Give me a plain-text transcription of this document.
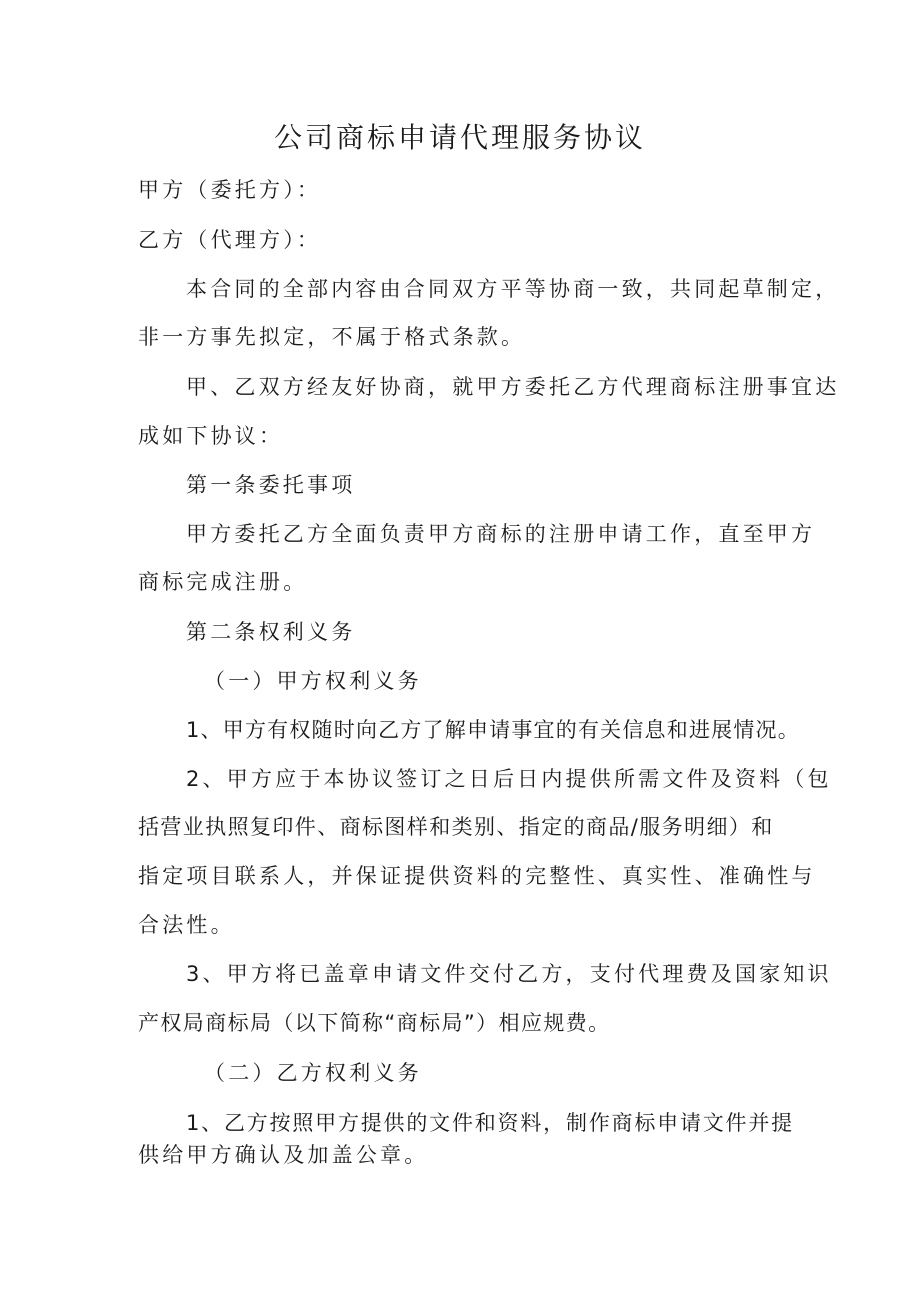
公司商标申请代理服务协议
甲方（委托方）：
乙方（代理方）：
本合同的全部内容由合同双方平等协商一致，共同起草制定，
非一方事先拟定，不属于格式条款。
甲、乙双方经友好协商，就甲方委托乙方代理商标注册事宜达
成如下协议：
第一条委托事项
甲方委托乙方全面负责甲方商标的注册申请工作，直至甲方
商标完成注册。
第二条权利义务
（一）甲方权利义务
1、甲方有权随时向乙方了解申请事宜的有关信息和进展情况。
2、甲方应于本协议签订之日后日内提供所需文件及资料（包
括营业执照复印件、商标图样和类别、指定的商品/服务明细）和
指定项目联系人，并保证提供资料的完整性、真实性、准确性与
合法性。
3、甲方将已盖章申请文件交付乙方，支付代理费及国家知识
产权局商标局（以下简称“商标局”）相应规费。
（二）乙方权利义务
1、乙方按照甲方提供的文件和资料，制作商标申请文件并提
供给甲方确认及加盖公章。
